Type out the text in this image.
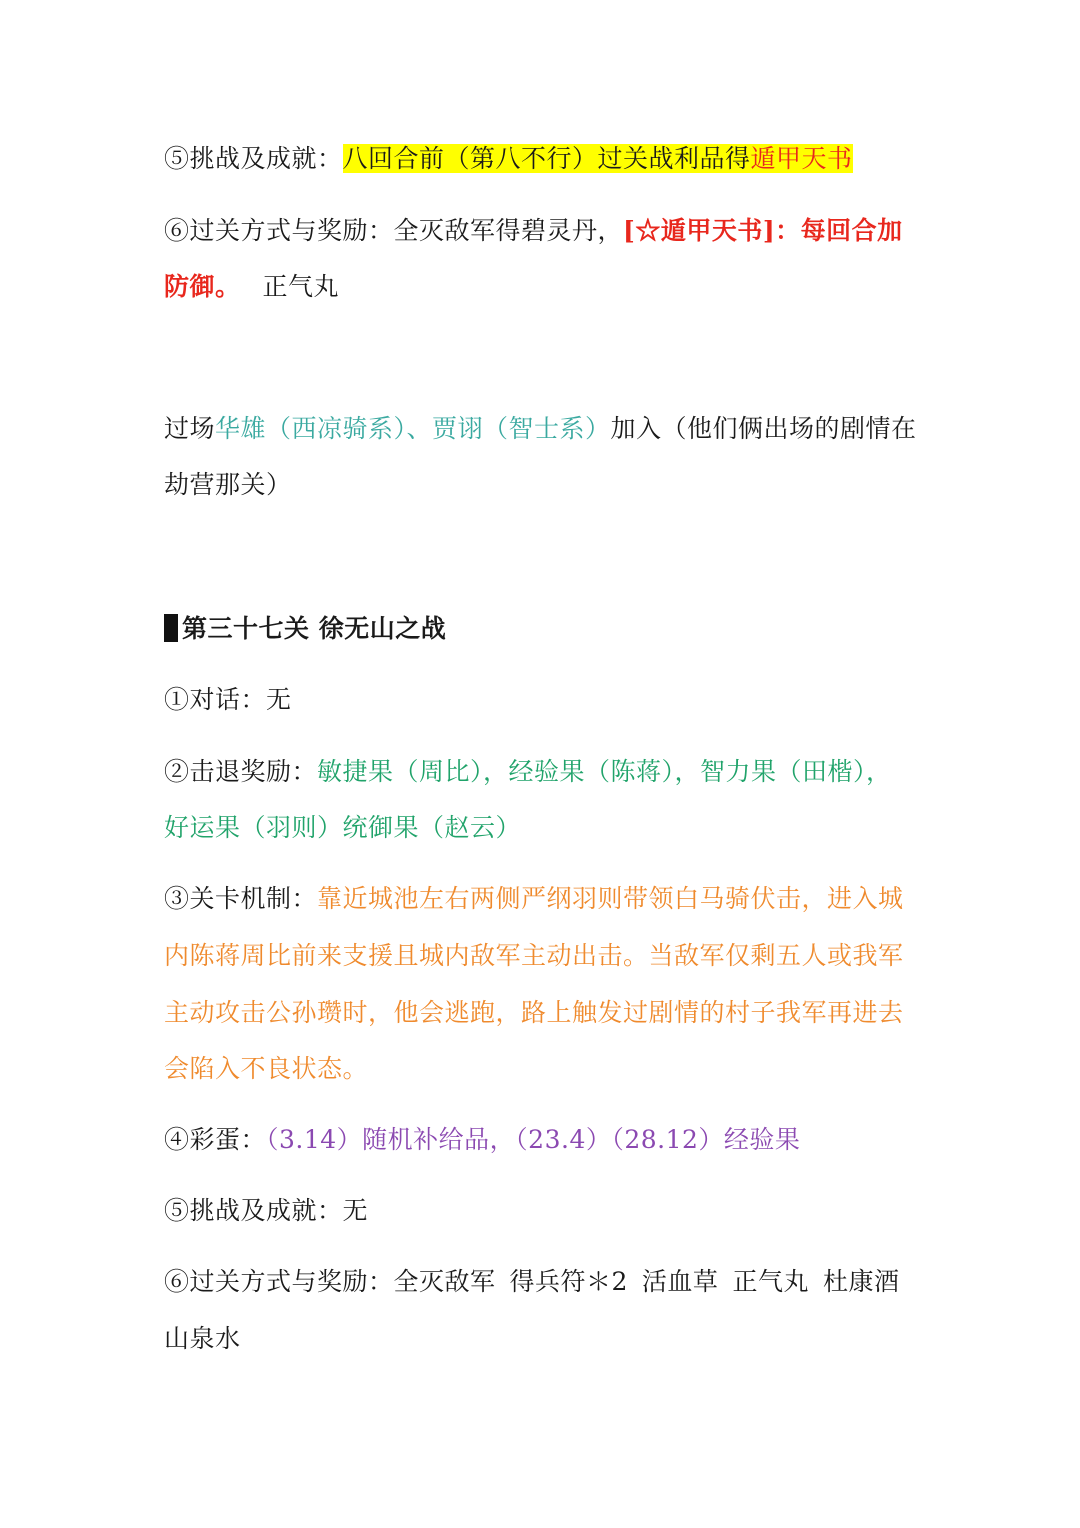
⑤挑战及成就：八回合前（第八不行）过关战利品得遁甲天书
⑥过关方式与奖励：全灭敌军得碧灵丹，[☆遁甲天书]：每回合加
防御。 正气丸
过场华雄（西凉骑系）、贾诩（智士系）加入（他们俩出场的剧情在
劫营那关）
第三十七关 徐无山之战
①对话：无
②击退奖励：敏捷果（周比），经验果（陈蒋），智力果（田楷），
好运果（羽则）统御果（赵云）
③关卡机制：靠近城池左右两侧严纲羽则带领白马骑伏击，进入城
内陈蒋周比前来支援且城内敌军主动出击。当敌军仅剩五人或我军
主动攻击公孙瓒时，他会逃跑，路上触发过剧情的村子我军再进去
会陷入不良状态。
④彩蛋：（3.14）随机补给品，（23.4）（28.12）经验果
⑤挑战及成就：无
⑥过关方式与奖励：全灭敌军 得兵符＊2 活血草 正气丸 杜康酒
山泉水
